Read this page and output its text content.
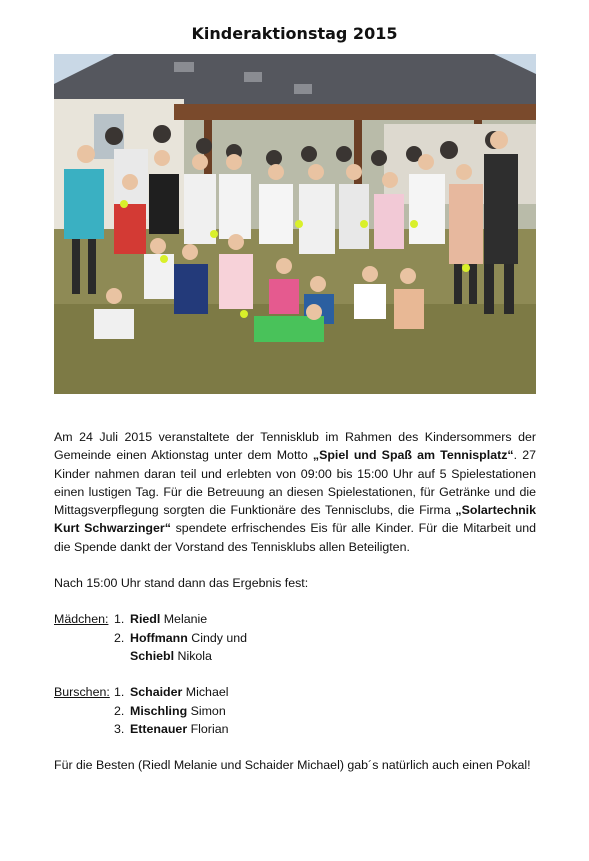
Kinderaktionstag 2015

Am 24 Juli 2015 veranstaltete der Tennisklub im Rahmen des Kindersommers der Gemeinde einen Aktionstag unter dem Motto „Spiel und Spaß am Tennisplatz“. 27 Kinder nahmen daran teil und erlebten von 09:00 bis 15:00 Uhr auf 5 Spielestationen einen lustigen Tag. Für die Betreuung an diesen Spielestationen, für Getränke und die Mittagsverpflegung sorgten die Funktionäre des Tennisclubs, die Firma „Solartechnik Kurt Schwarzinger“ spendete erfrischendes Eis für alle Kinder. Für die Mitarbeit und die Spende dankt der Vorstand des Tennisklubs allen Beteiligten.

Nach 15:00 Uhr stand dann das Ergebnis fest:

Mädchen:	1. Riedl Melanie
2. Hoffmann Cindy und
Schiebl Nikola
Burschen:	1. Schaider Michael
2. Mischling Simon
3. Ettenauer Florian

Für die Besten (Riedl Melanie und Schaider Michael) gab´s natürlich auch einen Pokal!
